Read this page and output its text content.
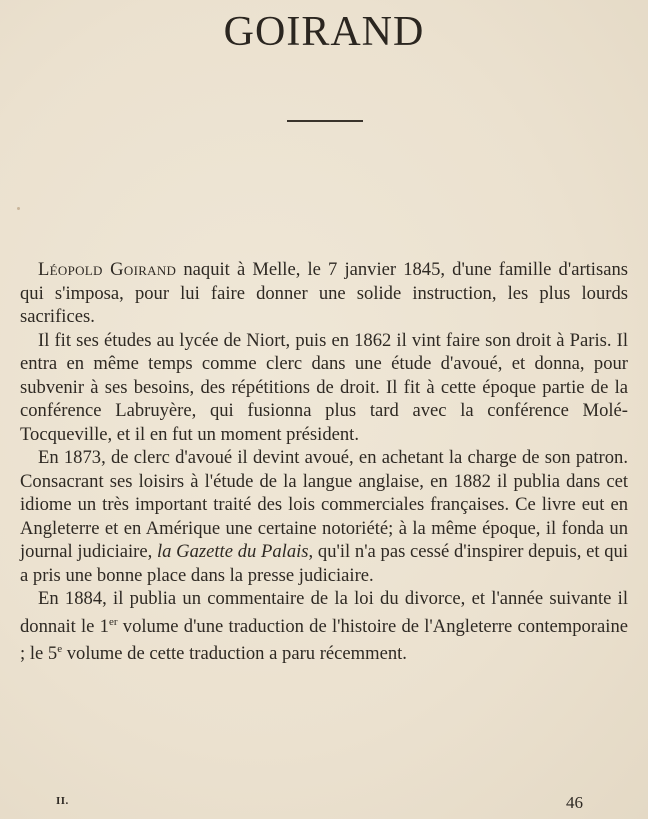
GOIRAND

Léopold Goirand naquit à Melle, le 7 janvier 1845, d'une famille d'artisans qui s'imposa, pour lui faire donner une solide instruction, les plus lourds sacrifices.

Il fit ses études au lycée de Niort, puis en 1862 il vint faire son droit à Paris. Il entra en même temps comme clerc dans une étude d'avoué, et donna, pour subvenir à ses besoins, des répétitions de droit. Il fit à cette époque partie de la conférence Labruyère, qui fusionna plus tard avec la conférence Molé-Tocqueville, et il en fut un moment président.

En 1873, de clerc d'avoué il devint avoué, en achetant la charge de son patron. Consacrant ses loisirs à l'étude de la langue anglaise, en 1882 il publia dans cet idiome un très important traité des lois commerciales françaises. Ce livre eut en Angleterre et en Amérique une certaine notoriété; à la même époque, il fonda un journal judiciaire, la Gazette du Palais, qu'il n'a pas cessé d'inspirer depuis, et qui a pris une bonne place dans la presse judiciaire.

En 1884, il publia un commentaire de la loi du divorce, et l'année suivante il donnait le 1er volume d'une traduction de l'histoire de l'Angleterre contemporaine ; le 5e volume de cette traduction a paru récemment.

II.	46
